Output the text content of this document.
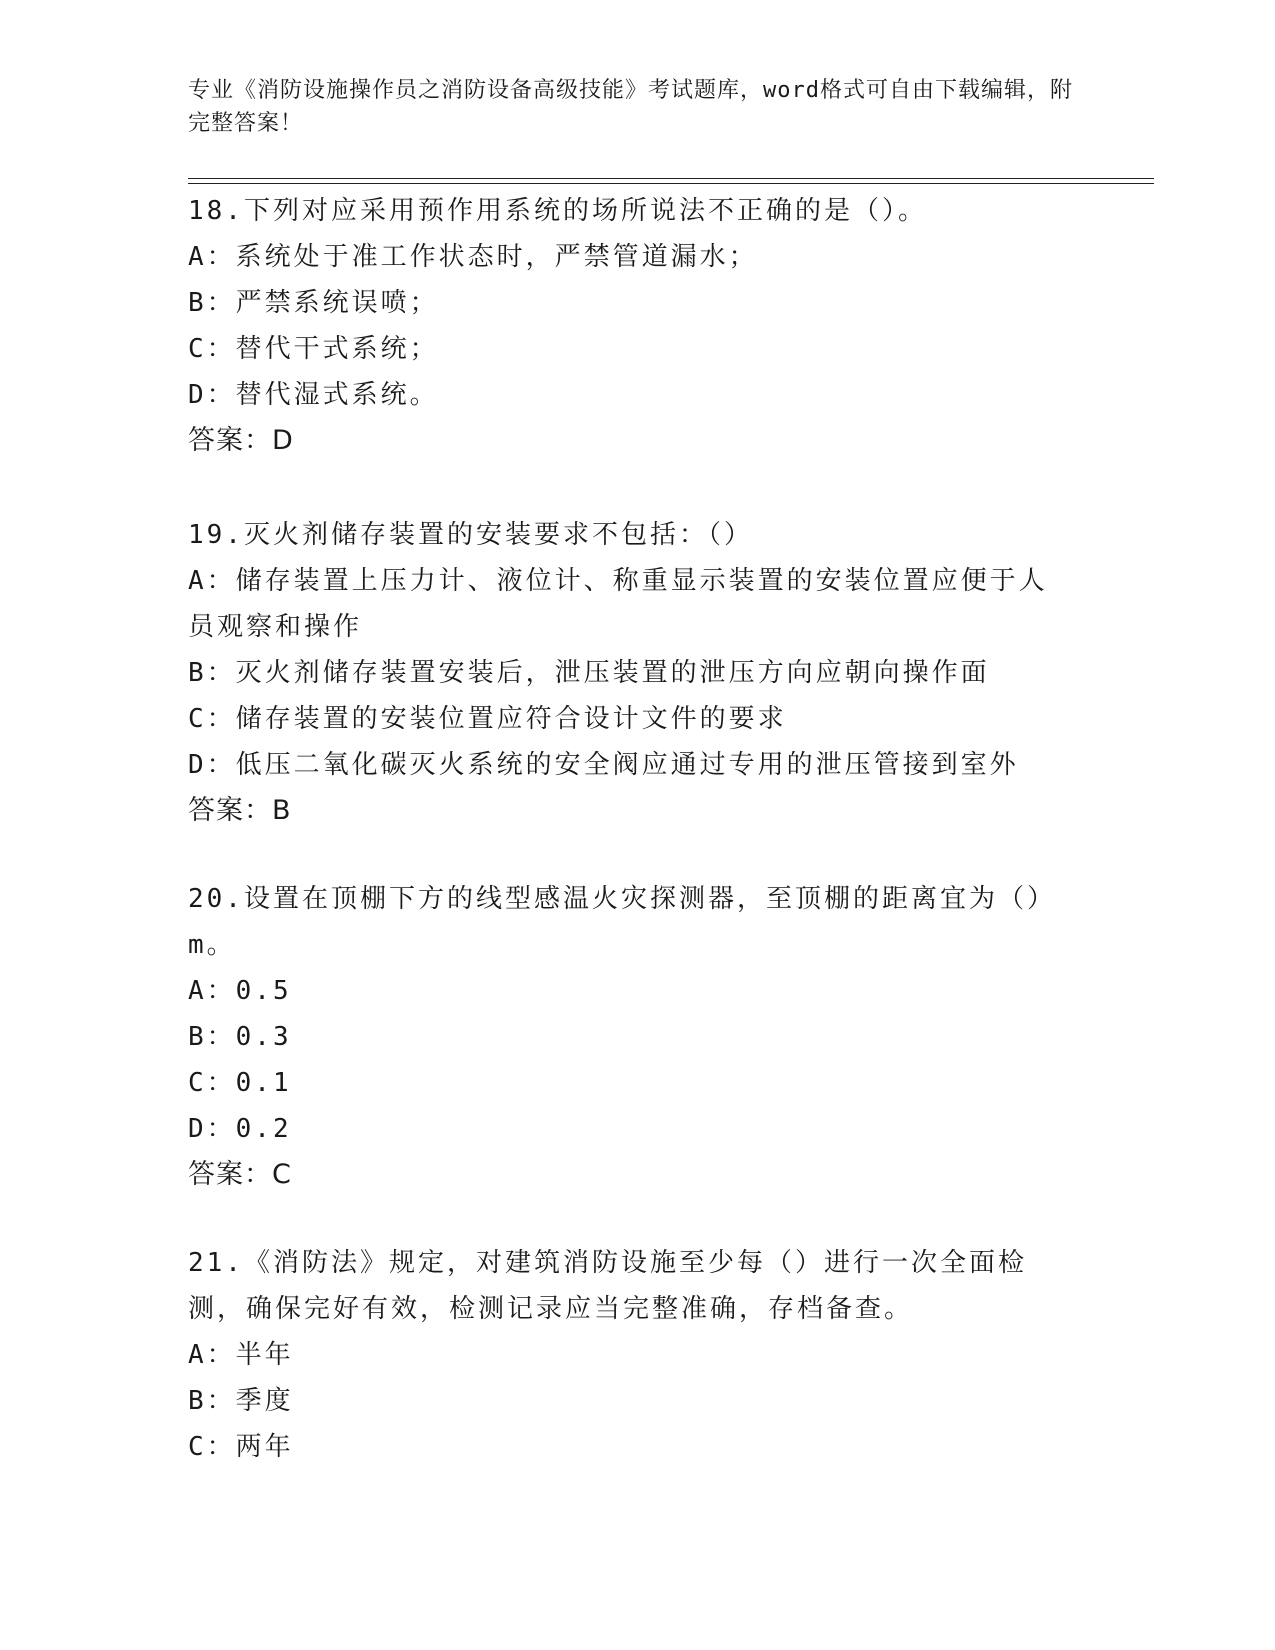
专业《消防设施操作员之消防设备高级技能》考试题库，word格式可自由下载编辑，附完整答案！
18.下列对应采用预作用系统的场所说法不正确的是（）。
A：系统处于准工作状态时，严禁管道漏水；
B：严禁系统误喷；
C：替代干式系统；
D：替代湿式系统。
答案：D
19.灭火剂储存装置的安装要求不包括：（）
A：储存装置上压力计、液位计、称重显示装置的安装位置应便于人员观察和操作
B：灭火剂储存装置安装后，泄压装置的泄压方向应朝向操作面
C：储存装置的安装位置应符合设计文件的要求
D：低压二氧化碳灭火系统的安全阀应通过专用的泄压管接到室外
答案：B
20.设置在顶棚下方的线型感温火灾探测器，至顶棚的距离宜为（）m。
A：0.5
B：0.3
C：0.1
D：0.2
答案：C
21.《消防法》规定，对建筑消防设施至少每（）进行一次全面检测，确保完好有效，检测记录应当完整准确，存档备查。
A：半年
B：季度
C：两年
